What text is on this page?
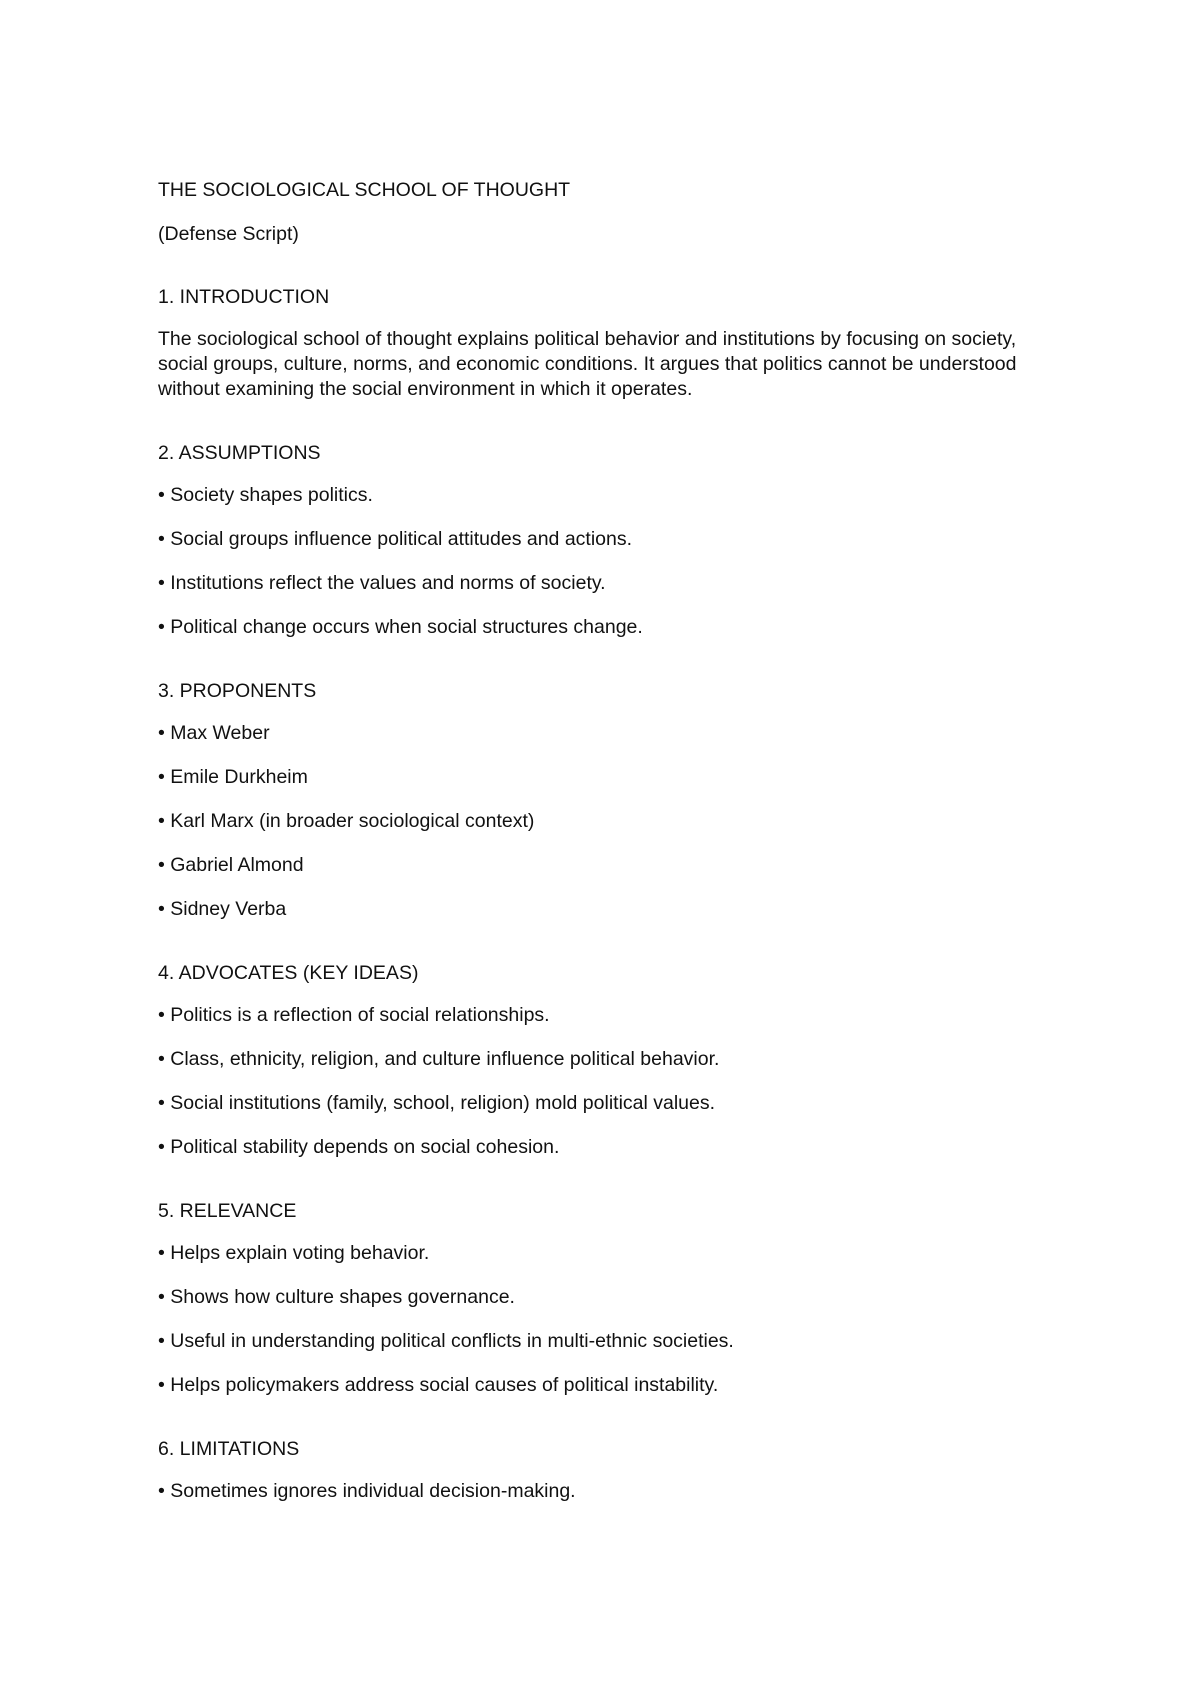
THE SOCIOLOGICAL SCHOOL OF THOUGHT

(Defense Script)

1. INTRODUCTION

The sociological school of thought explains political behavior and institutions by focusing on society, social groups, culture, norms, and economic conditions. It argues that politics cannot be understood without examining the social environment in which it operates.

2. ASSUMPTIONS

• Society shapes politics.
• Social groups influence political attitudes and actions.
• Institutions reflect the values and norms of society.
• Political change occurs when social structures change.

3. PROPONENTS

• Max Weber
• Emile Durkheim
• Karl Marx (in broader sociological context)
• Gabriel Almond
• Sidney Verba

4. ADVOCATES (KEY IDEAS)

• Politics is a reflection of social relationships.
• Class, ethnicity, religion, and culture influence political behavior.
• Social institutions (family, school, religion) mold political values.
• Political stability depends on social cohesion.

5. RELEVANCE

• Helps explain voting behavior.
• Shows how culture shapes governance.
• Useful in understanding political conflicts in multi-ethnic societies.
• Helps policymakers address social causes of political instability.

6. LIMITATIONS

• Sometimes ignores individual decision-making.
